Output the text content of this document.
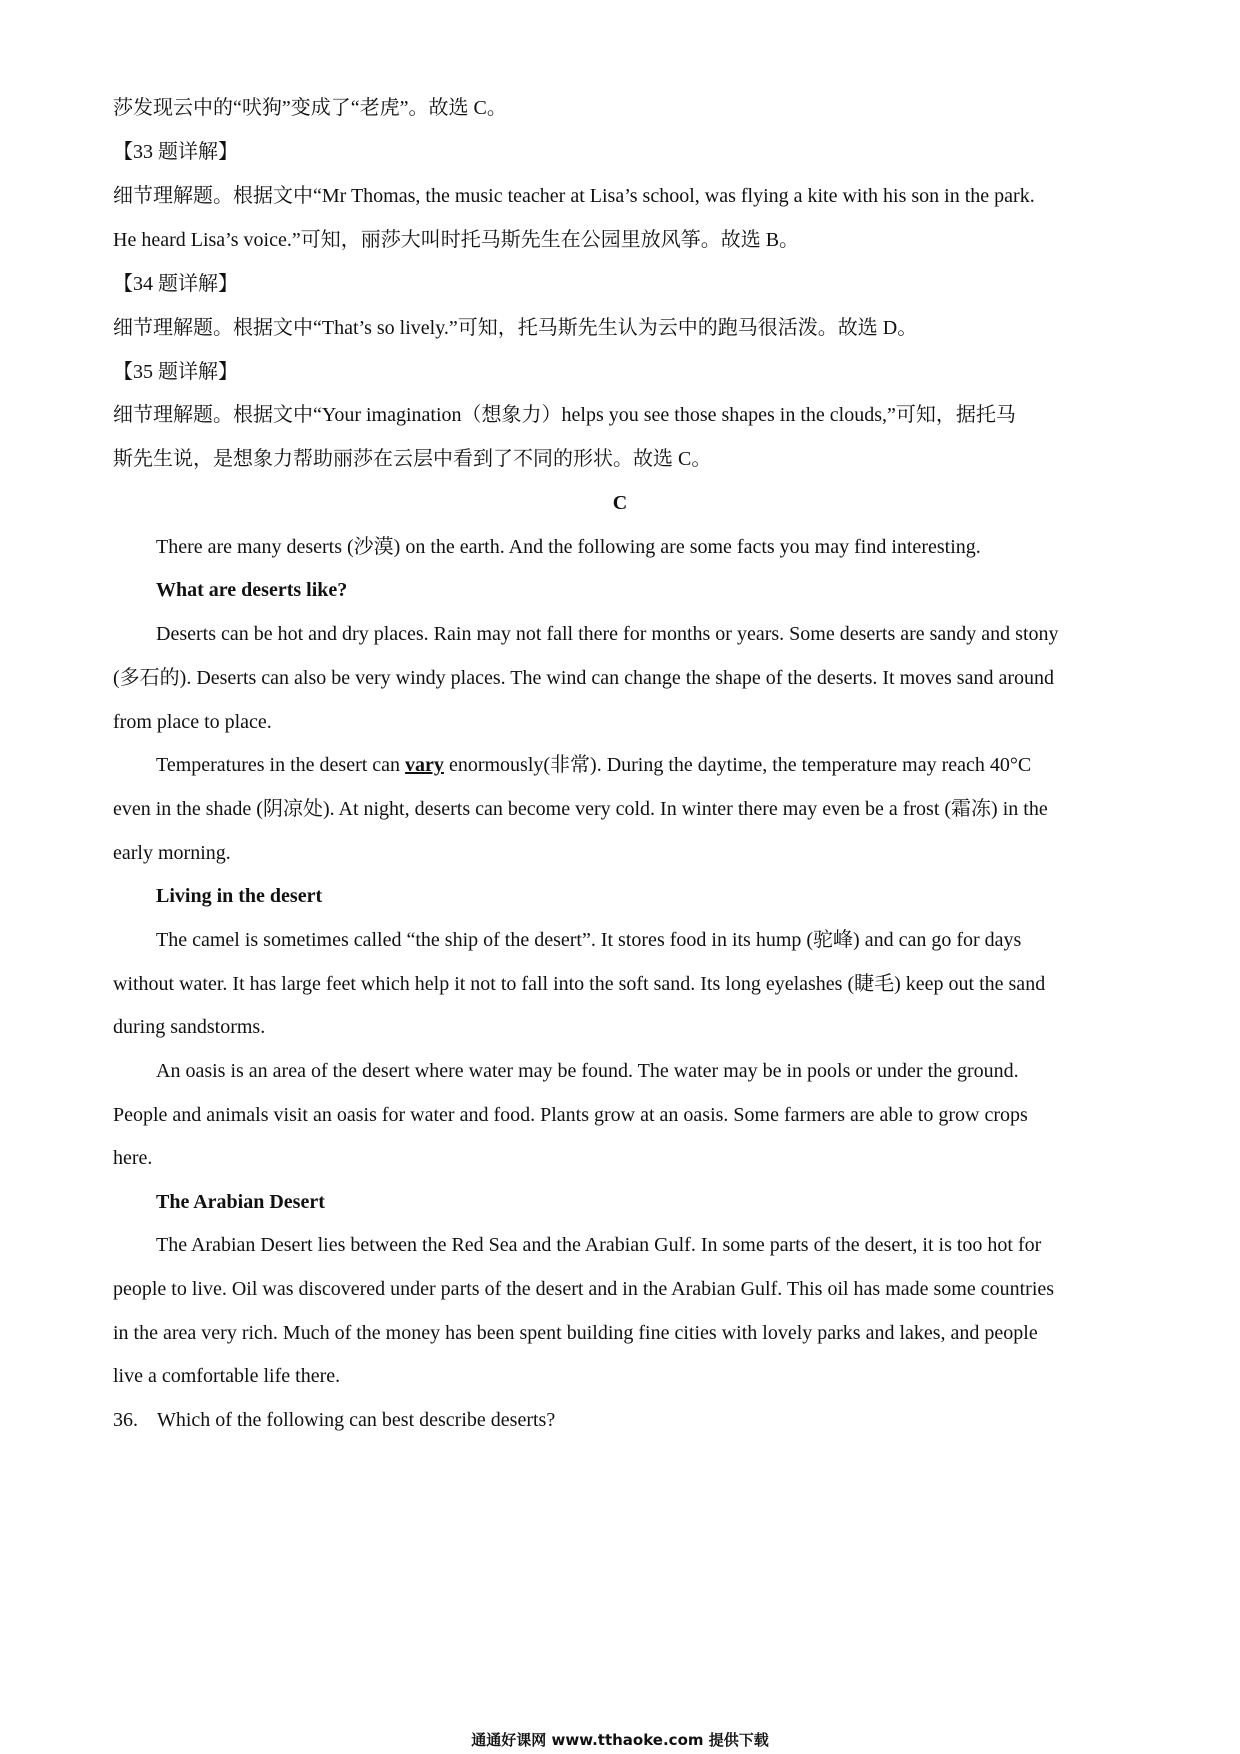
莎发现云中的“吠狗”变成了“老虎”。故选 C。
【33 题详解】
细节理解题。根据文中“Mr Thomas, the music teacher at Lisa’s school, was flying a kite with his son in the park.
He heard Lisa’s voice.”可知，丽莎大叫时托马斯先生在公园里放风筝。故选 B。
【34 题详解】
细节理解题。根据文中“That’s so lively.”可知，托马斯先生认为云中的跑马很活泼。故选 D。
【35 题详解】
细节理解题。根据文中“Your imagination（想象力）helps you see those shapes in the clouds,”可知，据托马
斯先生说，是想象力帮助丽莎在云层中看到了不同的形状。故选 C。
C
There are many deserts (沙漠) on the earth. And the following are some facts you may find interesting.
What are deserts like?
Deserts can be hot and dry places. Rain may not fall there for months or years. Some deserts are sandy and stony
(多石的). Deserts can also be very windy places. The wind can change the shape of the deserts. It moves sand around
from place to place.
Temperatures in the desert can vary enormously(非常). During the daytime, the temperature may reach 40°C
even in the shade (阴凉处). At night, deserts can become very cold. In winter there may even be a frost (霜冻) in the
early morning.
Living in the desert
The camel is sometimes called “the ship of the desert”. It stores food in its hump (驼峰) and can go for days
without water. It has large feet which help it not to fall into the soft sand. Its long eyelashes (睫毛) keep out the sand
during sandstorms.
An oasis is an area of the desert where water may be found. The water may be in pools or under the ground.
People and animals visit an oasis for water and food. Plants grow at an oasis. Some farmers are able to grow crops
here.
The Arabian Desert
The Arabian Desert lies between the Red Sea and the Arabian Gulf. In some parts of the desert, it is too hot for
people to live. Oil was discovered under parts of the desert and in the Arabian Gulf. This oil has made some countries
in the area very rich. Much of the money has been spent building fine cities with lovely parks and lakes, and people
live a comfortable life there.
36. Which of the following can best describe deserts?
通通好课网 www.tthaoke.com 提供下载
